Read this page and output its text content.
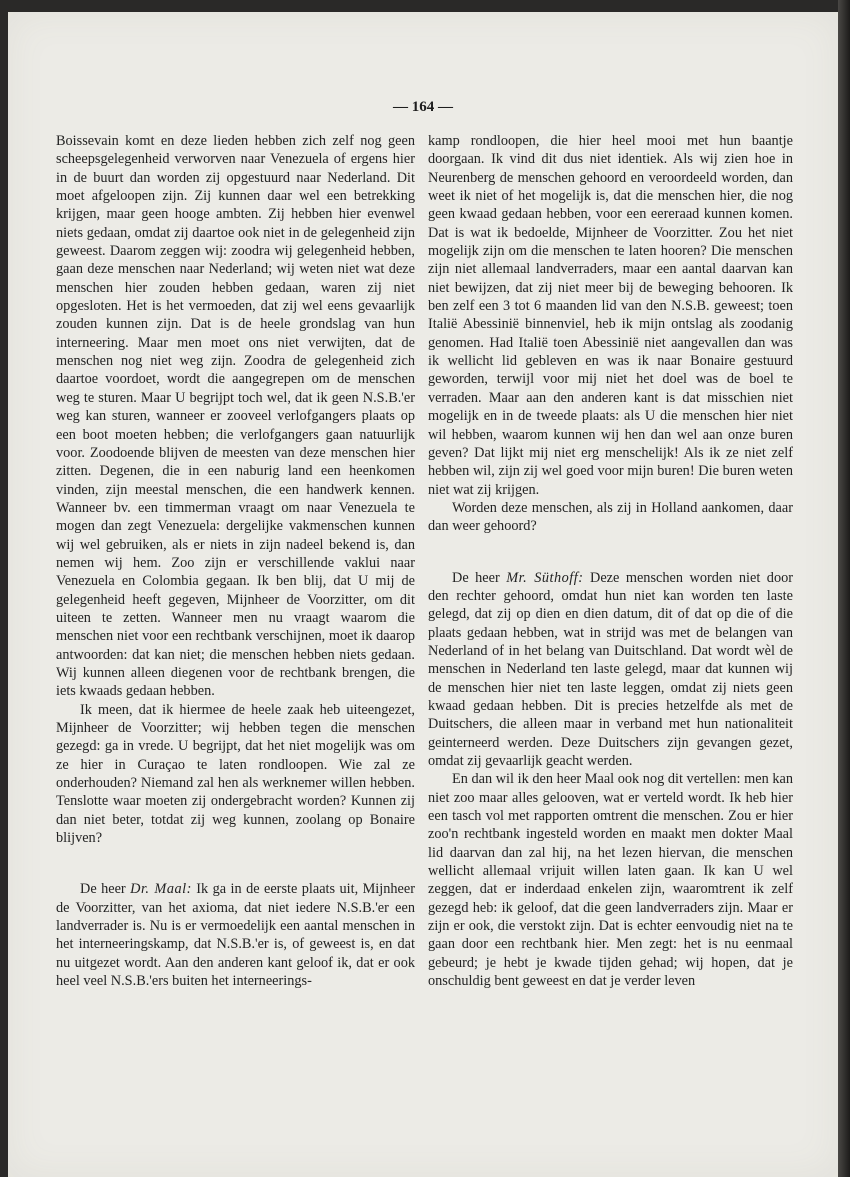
— 164 —

Boissevain komt en deze lieden hebben zich zelf nog geen scheepsgelegenheid verworven naar Venezuela of ergens hier in de buurt dan worden zij opgestuurd naar Nederland. Dit moet afgeloopen zijn. Zij kunnen daar wel een betrekking krijgen, maar geen hooge ambten. Zij hebben hier evenwel niets gedaan, omdat zij daartoe ook niet in de gelegenheid zijn geweest. Daarom zeggen wij: zoodra wij gelegenheid hebben, gaan deze menschen naar Nederland; wij weten niet wat deze menschen hier zouden hebben gedaan, waren zij niet opgesloten. Het is het vermoeden, dat zij wel eens gevaarlijk zouden kunnen zijn. Dat is de heele grondslag van hun interneering. Maar men moet ons niet verwijten, dat de menschen nog niet weg zijn. Zoodra de gelegenheid zich daartoe voordoet, wordt die aangegrepen om de menschen weg te sturen. Maar U begrijpt toch wel, dat ik geen N.S.B.'er weg kan sturen, wanneer er zooveel verlofgangers plaats op een boot moeten hebben; die verlofgangers gaan natuurlijk voor. Zoodoende blijven de meesten van deze menschen hier zitten. Degenen, die in een naburig land een heenkomen vinden, zijn meestal menschen, die een handwerk kennen. Wanneer bv. een timmerman vraagt om naar Venezuela te mogen dan zegt Venezuela: dergelijke vakmenschen kunnen wij wel gebruiken, als er niets in zijn nadeel bekend is, dan nemen wij hem. Zoo zijn er verschillende vaklui naar Venezuela en Colombia gegaan. Ik ben blij, dat U mij de gelegenheid heeft gegeven, Mijnheer de Voorzitter, om dit uiteen te zetten. Wanneer men nu vraagt waarom die menschen niet voor een rechtbank verschijnen, moet ik daarop antwoorden: dat kan niet; die menschen hebben niets gedaan. Wij kunnen alleen diegenen voor de rechtbank brengen, die iets kwaads gedaan hebben.

Ik meen, dat ik hiermee de heele zaak heb uiteengezet, Mijnheer de Voorzitter; wij hebben tegen die menschen gezegd: ga in vrede. U begrijpt, dat het niet mogelijk was om ze hier in Curaçao te laten rondloopen. Wie zal ze onderhouden? Niemand zal hen als werknemer willen hebben. Tenslotte waar moeten zij ondergebracht worden? Kunnen zij dan niet beter, totdat zij weg kunnen, zoolang op Bonaire blijven?

De heer Dr. Maal: Ik ga in de eerste plaats uit, Mijnheer de Voorzitter, van het axioma, dat niet iedere N.S.B.'er een landverrader is. Nu is er vermoedelijk een aantal menschen in het interneeringskamp, dat N.S.B.'er is, of geweest is, en dat nu uitgezet wordt. Aan den anderen kant geloof ik, dat er ook heel veel N.S.B.'ers buiten het interneerings-

kamp rondloopen, die hier heel mooi met hun baantje doorgaan. Ik vind dit dus niet identiek. Als wij zien hoe in Neurenberg de menschen gehoord en veroordeeld worden, dan weet ik niet of het mogelijk is, dat die menschen hier, die nog geen kwaad gedaan hebben, voor een eereraad kunnen komen. Dat is wat ik bedoelde, Mijnheer de Voorzitter. Zou het niet mogelijk zijn om die menschen te laten hooren? Die menschen zijn niet allemaal landverraders, maar een aantal daarvan kan niet bewijzen, dat zij niet meer bij de beweging behooren. Ik ben zelf een 3 tot 6 maanden lid van den N.S.B. geweest; toen Italië Abessinië binnenviel, heb ik mijn ontslag als zoodanig genomen. Had Italië toen Abessinië niet aangevallen dan was ik wellicht lid gebleven en was ik naar Bonaire gestuurd geworden, terwijl voor mij niet het doel was de boel te verraden. Maar aan den anderen kant is dat misschien niet mogelijk en in de tweede plaats: als U die menschen hier niet wil hebben, waarom kunnen wij hen dan wel aan onze buren geven? Dat lijkt mij niet erg menschelijk! Als ik ze niet zelf hebben wil, zijn zij wel goed voor mijn buren! Die buren weten niet wat zij krijgen.

Worden deze menschen, als zij in Holland aankomen, daar dan weer gehoord?

De heer Mr. Süthoff: Deze menschen worden niet door den rechter gehoord, omdat hun niet kan worden ten laste gelegd, dat zij op dien en dien datum, dit of dat op die of die plaats gedaan hebben, wat in strijd was met de belangen van Nederland of in het belang van Duitschland. Dat wordt wèl de menschen in Nederland ten laste gelegd, maar dat kunnen wij de menschen hier niet ten laste leggen, omdat zij niets geen kwaad gedaan hebben. Dit is precies hetzelfde als met de Duitschers, die alleen maar in verband met hun nationaliteit geinterneerd werden. Deze Duitschers zijn gevangen gezet, omdat zij gevaarlijk geacht werden.

En dan wil ik den heer Maal ook nog dit vertellen: men kan niet zoo maar alles gelooven, wat er verteld wordt. Ik heb hier een tasch vol met rapporten omtrent die menschen. Zou er hier zoo'n rechtbank ingesteld worden en maakt men dokter Maal lid daarvan dan zal hij, na het lezen hiervan, die menschen wellicht allemaal vrijuit willen laten gaan. Ik kan U wel zeggen, dat er inderdaad enkelen zijn, waaromtrent ik zelf gezegd heb: ik geloof, dat die geen landverraders zijn. Maar er zijn er ook, die verstokt zijn. Dat is echter eenvoudig niet na te gaan door een rechtbank hier. Men zegt: het is nu eenmaal gebeurd; je hebt je kwade tijden gehad; wij hopen, dat je onschuldig bent geweest en dat je verder leven
